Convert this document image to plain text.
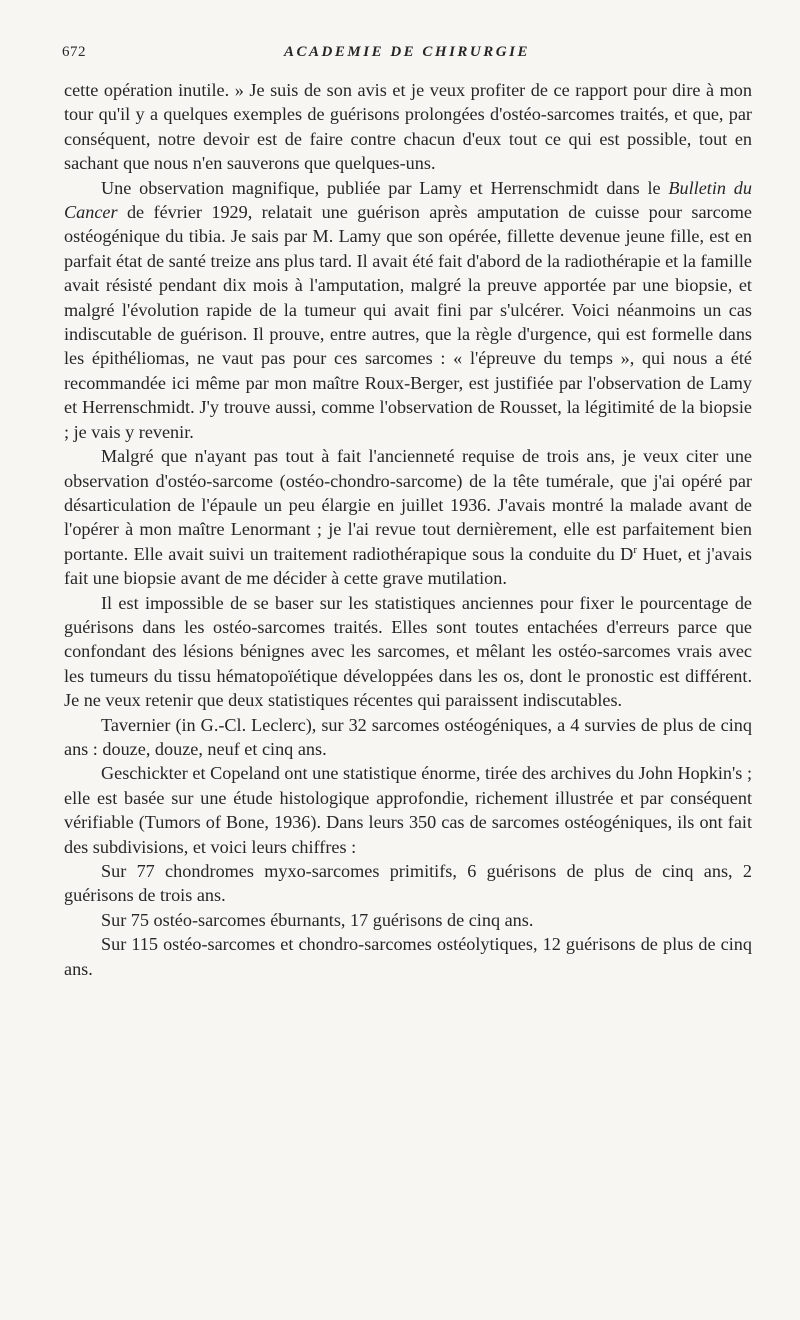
672	ACADEMIE DE CHIRURGIE

cette opération inutile. » Je suis de son avis et je veux profiter de ce rapport pour dire à mon tour qu'il y a quelques exemples de guérisons prolongées d'ostéo-sarcomes traités, et que, par conséquent, notre devoir est de faire contre chacun d'eux tout ce qui est possible, tout en sachant que nous n'en sauverons que quelques-uns.

Une observation magnifique, publiée par Lamy et Herrenschmidt dans le Bulletin du Cancer de février 1929, relatait une guérison après amputation de cuisse pour sarcome ostéogénique du tibia. Je sais par M. Lamy que son opérée, fillette devenue jeune fille, est en parfait état de santé treize ans plus tard. Il avait été fait d'abord de la radiothérapie et la famille avait résisté pendant dix mois à l'amputation, malgré la preuve apportée par une biopsie, et malgré l'évolution rapide de la tumeur qui avait fini par s'ulcérer. Voici néanmoins un cas indiscutable de guérison. Il prouve, entre autres, que la règle d'urgence, qui est formelle dans les épithéliomas, ne vaut pas pour ces sarcomes : « l'épreuve du temps », qui nous a été recommandée ici même par mon maître Roux-Berger, est justifiée par l'observation de Lamy et Herrenschmidt. J'y trouve aussi, comme l'observation de Rousset, la légitimité de la biopsie ; je vais y revenir.

Malgré que n'ayant pas tout à fait l'ancienneté requise de trois ans, je veux citer une observation d'ostéo-sarcome (ostéo-chondro-sarcome) de la tête tumérale, que j'ai opéré par désarticulation de l'épaule un peu élargie en juillet 1936. J'avais montré la malade avant de l'opérer à mon maître Lenormant ; je l'ai revue tout dernièrement, elle est parfaitement bien portante. Elle avait suivi un traitement radiothérapique sous la conduite du $D^r$ Huet, et j'avais fait une biopsie avant de me décider à cette grave mutilation.

Il est impossible de se baser sur les statistiques anciennes pour fixer le pourcentage de guérisons dans les ostéo-sarcomes traités. Elles sont toutes entachées d'erreurs parce que confondant des lésions bénignes avec les sarcomes, et mêlant les ostéo-sarcomes vrais avec les tumeurs du tissu hématopoïétique développées dans les os, dont le pronostic est différent. Je ne veux retenir que deux statistiques récentes qui paraissent indiscutables.

Tavernier (in G.-Cl. Leclerc), sur 32 sarcomes ostéogéniques, a 4 survies de plus de cinq ans : douze, douze, neuf et cinq ans.

Geschickter et Copeland ont une statistique énorme, tirée des archives du John Hopkin's ; elle est basée sur une étude histologique approfondie, richement illustrée et par conséquent vérifiable (Tumors of Bone, 1936). Dans leurs 350 cas de sarcomes ostéogéniques, ils ont fait des subdivisions, et voici leurs chiffres :

Sur 77 chondromes myxo-sarcomes primitifs, 6 guérisons de plus de cinq ans, 2 guérisons de trois ans.

Sur 75 ostéo-sarcomes éburnants, 17 guérisons de cinq ans.

Sur 115 ostéo-sarcomes et chondro-sarcomes ostéolytiques, 12 guérisons de plus de cinq ans.
